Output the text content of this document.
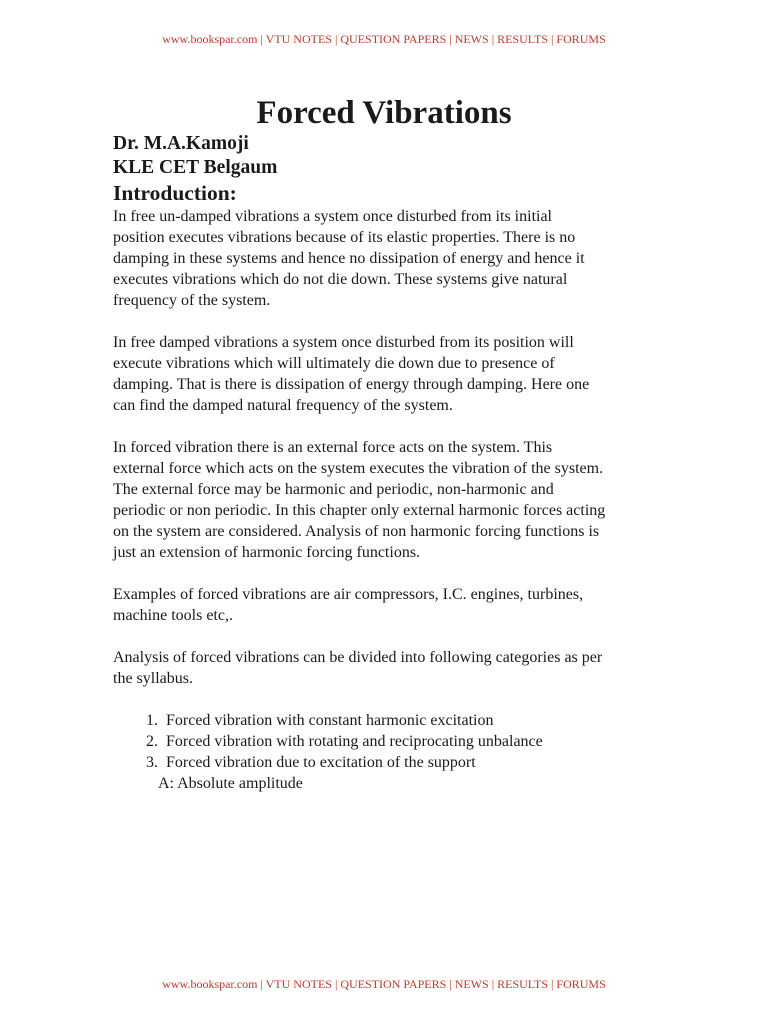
www.bookspar.com | VTU NOTES | QUESTION PAPERS | NEWS | RESULTS | FORUMS
Forced Vibrations

Dr. M.A.Kamoji

KLE CET Belgaum

Introduction:

In free un-damped vibrations a system once disturbed from its initial
position executes vibrations because of its elastic properties. There is no
damping in these systems and hence no dissipation of energy and hence it
executes vibrations which do not die down. These systems give natural
frequency of the system.

In free damped vibrations a system once disturbed from its position will
execute vibrations which will ultimately die down due to presence of
damping. That is there is dissipation of energy through damping. Here one
can find the damped natural frequency of the system.

In forced vibration there is an external force acts on the system. This
external force which acts on the system executes the vibration of the system.
The external force may be harmonic and periodic, non-harmonic and
periodic or non periodic. In this chapter only external harmonic forces acting
on the system are considered. Analysis of non harmonic forcing functions is
just an extension of harmonic forcing functions.

Examples of forced vibrations are air compressors, I.C. engines, turbines,
machine tools etc,.

Analysis of forced vibrations can be divided into following categories as per
the syllabus.

1. Forced vibration with constant harmonic excitation
2. Forced vibration with rotating and reciprocating unbalance
3. Forced vibration due to excitation of the support
A: Absolute amplitude
www.bookspar.com | VTU NOTES | QUESTION PAPERS | NEWS | RESULTS | FORUMS
